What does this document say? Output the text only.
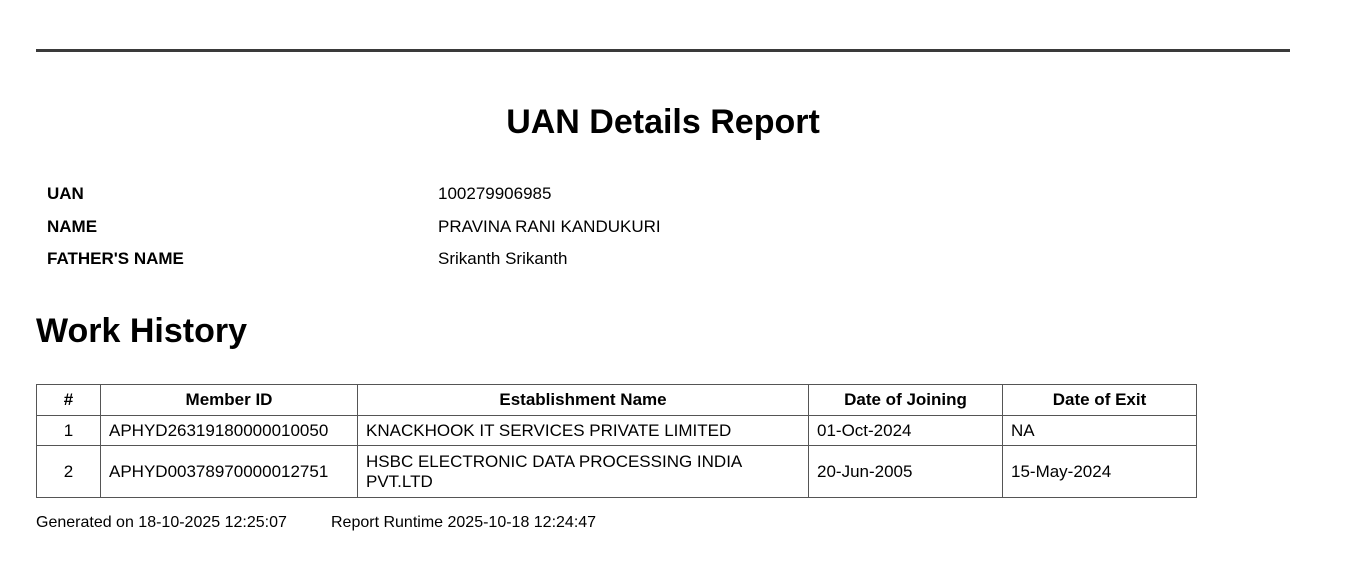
UAN Details Report
UAN	100279906985
NAME	PRAVINA RANI KANDUKURI
FATHER'S NAME	Srikanth Srikanth
Work History
#	Member ID	Establishment Name	Date of Joining	Date of Exit
1	APHYD26319180000010050	KNACKHOOK IT SERVICES PRIVATE LIMITED	01-Oct-2024	NA
2	APHYD00378970000012751	HSBC ELECTRONIC DATA PROCESSING INDIA PVT.LTD	20-Jun-2005	15-May-2024
Generated on 18-10-2025 12:25:07	Report Runtime 2025-10-18 12:24:47
